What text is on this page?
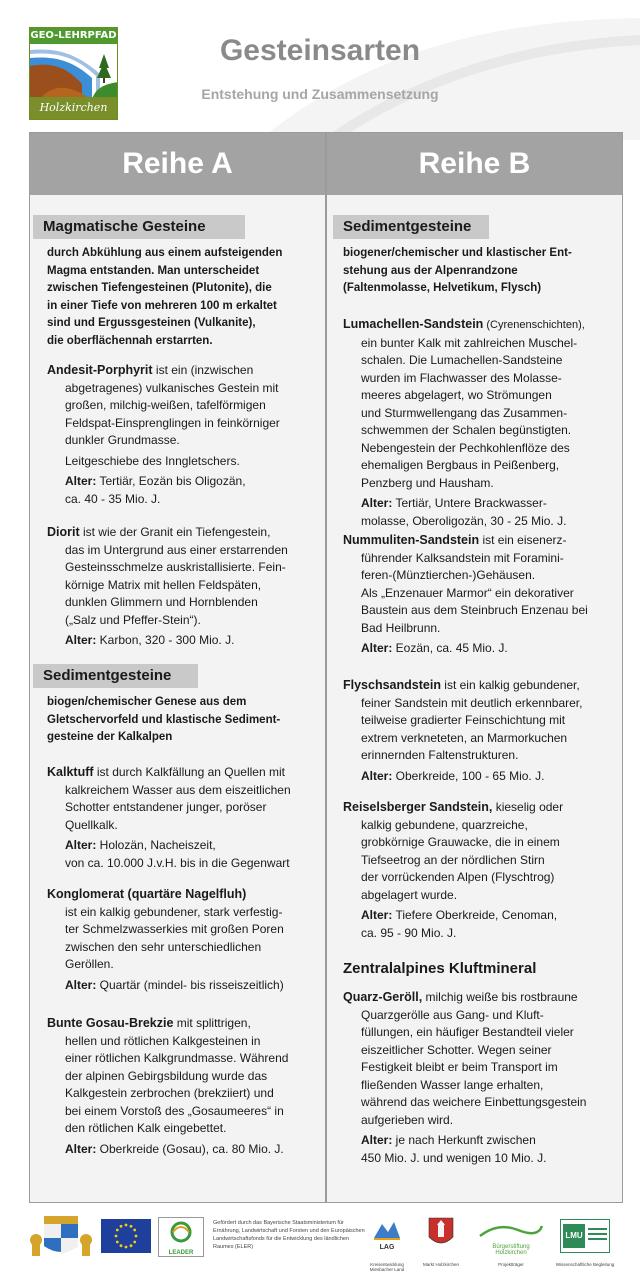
GEO-LEHRPFAD
Holzkirchen
Gesteinsarten
Entstehung und Zusammensetzung
Reihe A
Magmatische Gesteine
durch Abkühlung aus einem aufsteigenden
Magma entstanden. Man unterscheidet
zwischen Tiefengesteinen (Plutonite), die
in einer Tiefe von mehreren 100 m erkaltet
sind und Ergussgesteinen (Vulkanite),
die oberflächennah erstarrten.
Andesit-Porphyrit ist ein (inzwischen
abgetragenes) vulkanisches Gestein mit
großen, milchig-weißen, tafelförmigen
Feldspat-Einsprenglingen in feinkörniger
dunkler Grundmasse.
Leitgeschiebe des Inngletschers.
Alter: Tertiär, Eozän bis Oligozän,
ca. 40 - 35 Mio. J.
Diorit ist wie der Granit ein Tiefengestein,
das im Untergrund aus einer erstarrenden
Gesteinsschmelze auskristallisierte. Fein-
körnige Matrix mit hellen Feldspäten,
dunklen Glimmern und Hornblenden
(„Salz und Pfeffer-Stein“).
Alter: Karbon, 320 - 300 Mio. J.
Sedimentgesteine
biogen/chemischer Genese aus dem
Gletschervorfeld und klastische Sediment-
gesteine der Kalkalpen
Kalktuff ist durch Kalkfällung an Quellen mit
kalkreichem Wasser aus dem eiszeitlichen
Schotter entstandener junger, poröser
Quellkalk.
Alter: Holozän, Nacheiszeit,
von ca. 10.000 J.v.H. bis in die Gegenwart
Konglomerat (quartäre Nagelfluh)
ist ein kalkig gebundener, stark verfestig-
ter Schmelzwasserkies mit großen Poren
zwischen den sehr unterschiedlichen
Geröllen.
Alter: Quartär (mindel- bis risseiszeitlich)
Bunte Gosau-Brekzie mit splittrigen,
hellen und rötlichen Kalkgesteinen in
einer rötlichen Kalkgrundmasse. Während
der alpinen Gebirgsbildung wurde das
Kalkgestein zerbrochen (brekziiert) und
bei einem Vorstoß des „Gosaumeeres“ in
den rötlichen Kalk eingebettet.
Alter: Oberkreide (Gosau), ca. 80 Mio. J.
Reihe B
Sedimentgesteine
biogener/chemischer und klastischer Ent-
stehung aus der Alpenrandzone
(Faltenmolasse, Helvetikum, Flysch)
Lumachellen-Sandstein (Cyrenenschichten),
ein bunter Kalk mit zahlreichen Muschel-
schalen. Die Lumachellen-Sandsteine
wurden im Flachwasser des Molasse-
meeres abgelagert, wo Strömungen
und Sturmwellengang das Zusammen-
schwemmen der Schalen begünstigten.
Nebengestein der Pechkohlenflöze des
ehemaligen Bergbaus in Peißenberg,
Penzberg und Hausham.
Alter: Tertiär, Untere Brackwasser-
molasse, Oberoligozän, 30 - 25 Mio. J.
Nummuliten-Sandstein ist ein eisenerz-
führender Kalksandstein mit Foramini-
feren-(Münztierchen-)Gehäusen.
Als „Enzenauer Marmor“ ein dekorativer
Baustein aus dem Steinbruch Enzenau bei
Bad Heilbrunn.
Alter: Eozän, ca. 45 Mio. J.
Flyschsandstein ist ein kalkig gebundener,
feiner Sandstein mit deutlich erkennbarer,
teilweise gradierter Feinschichtung mit
extrem verkneteten, an Marmorkuchen
erinnernden Faltenstrukturen.
Alter: Oberkreide, 100 - 65 Mio. J.
Reiselsberger Sandstein, kieselig oder
kalkig gebundene, quarzreiche,
grobkörnige Grauwacke, die in einem
Tiefseetrog an der nördlichen Stirn
der vorrückenden Alpen (Flyschtrog)
abgelagert wurde.
Alter: Tiefere Oberkreide, Cenoman,
ca. 95 - 90 Mio. J.
Zentralalpines Kluftmineral
Quarz-Geröll, milchig weiße bis rostbraune
Quarzgerölle aus Gang- und Kluft-
füllungen, ein häufiger Bestandteil vieler
eiszeitlicher Schotter. Wegen seiner
Festigkeit bleibt er beim Transport im
fließenden Wasser lange erhalten,
während das weichere Einbettungsgestein
aufgerieben wird.
Alter: je nach Herkunft zwischen
450 Mio. J. und wenigen 10 Mio. J.
LEADER
Gefördert durch das Bayerische Staatsministerium für Ernährung, Landwirtschaft und Forsten und den Europäischen Landwirtschaftsfonds für die Entwicklung des ländlichen Raumes (ELER)	LAG
Kreisentwicklung Miesbacher Land
Markt Holzkirchen
Bürgerstiftung Holzkirchen
Projektträger
LMU
Wissenschaftliche Begleitung
